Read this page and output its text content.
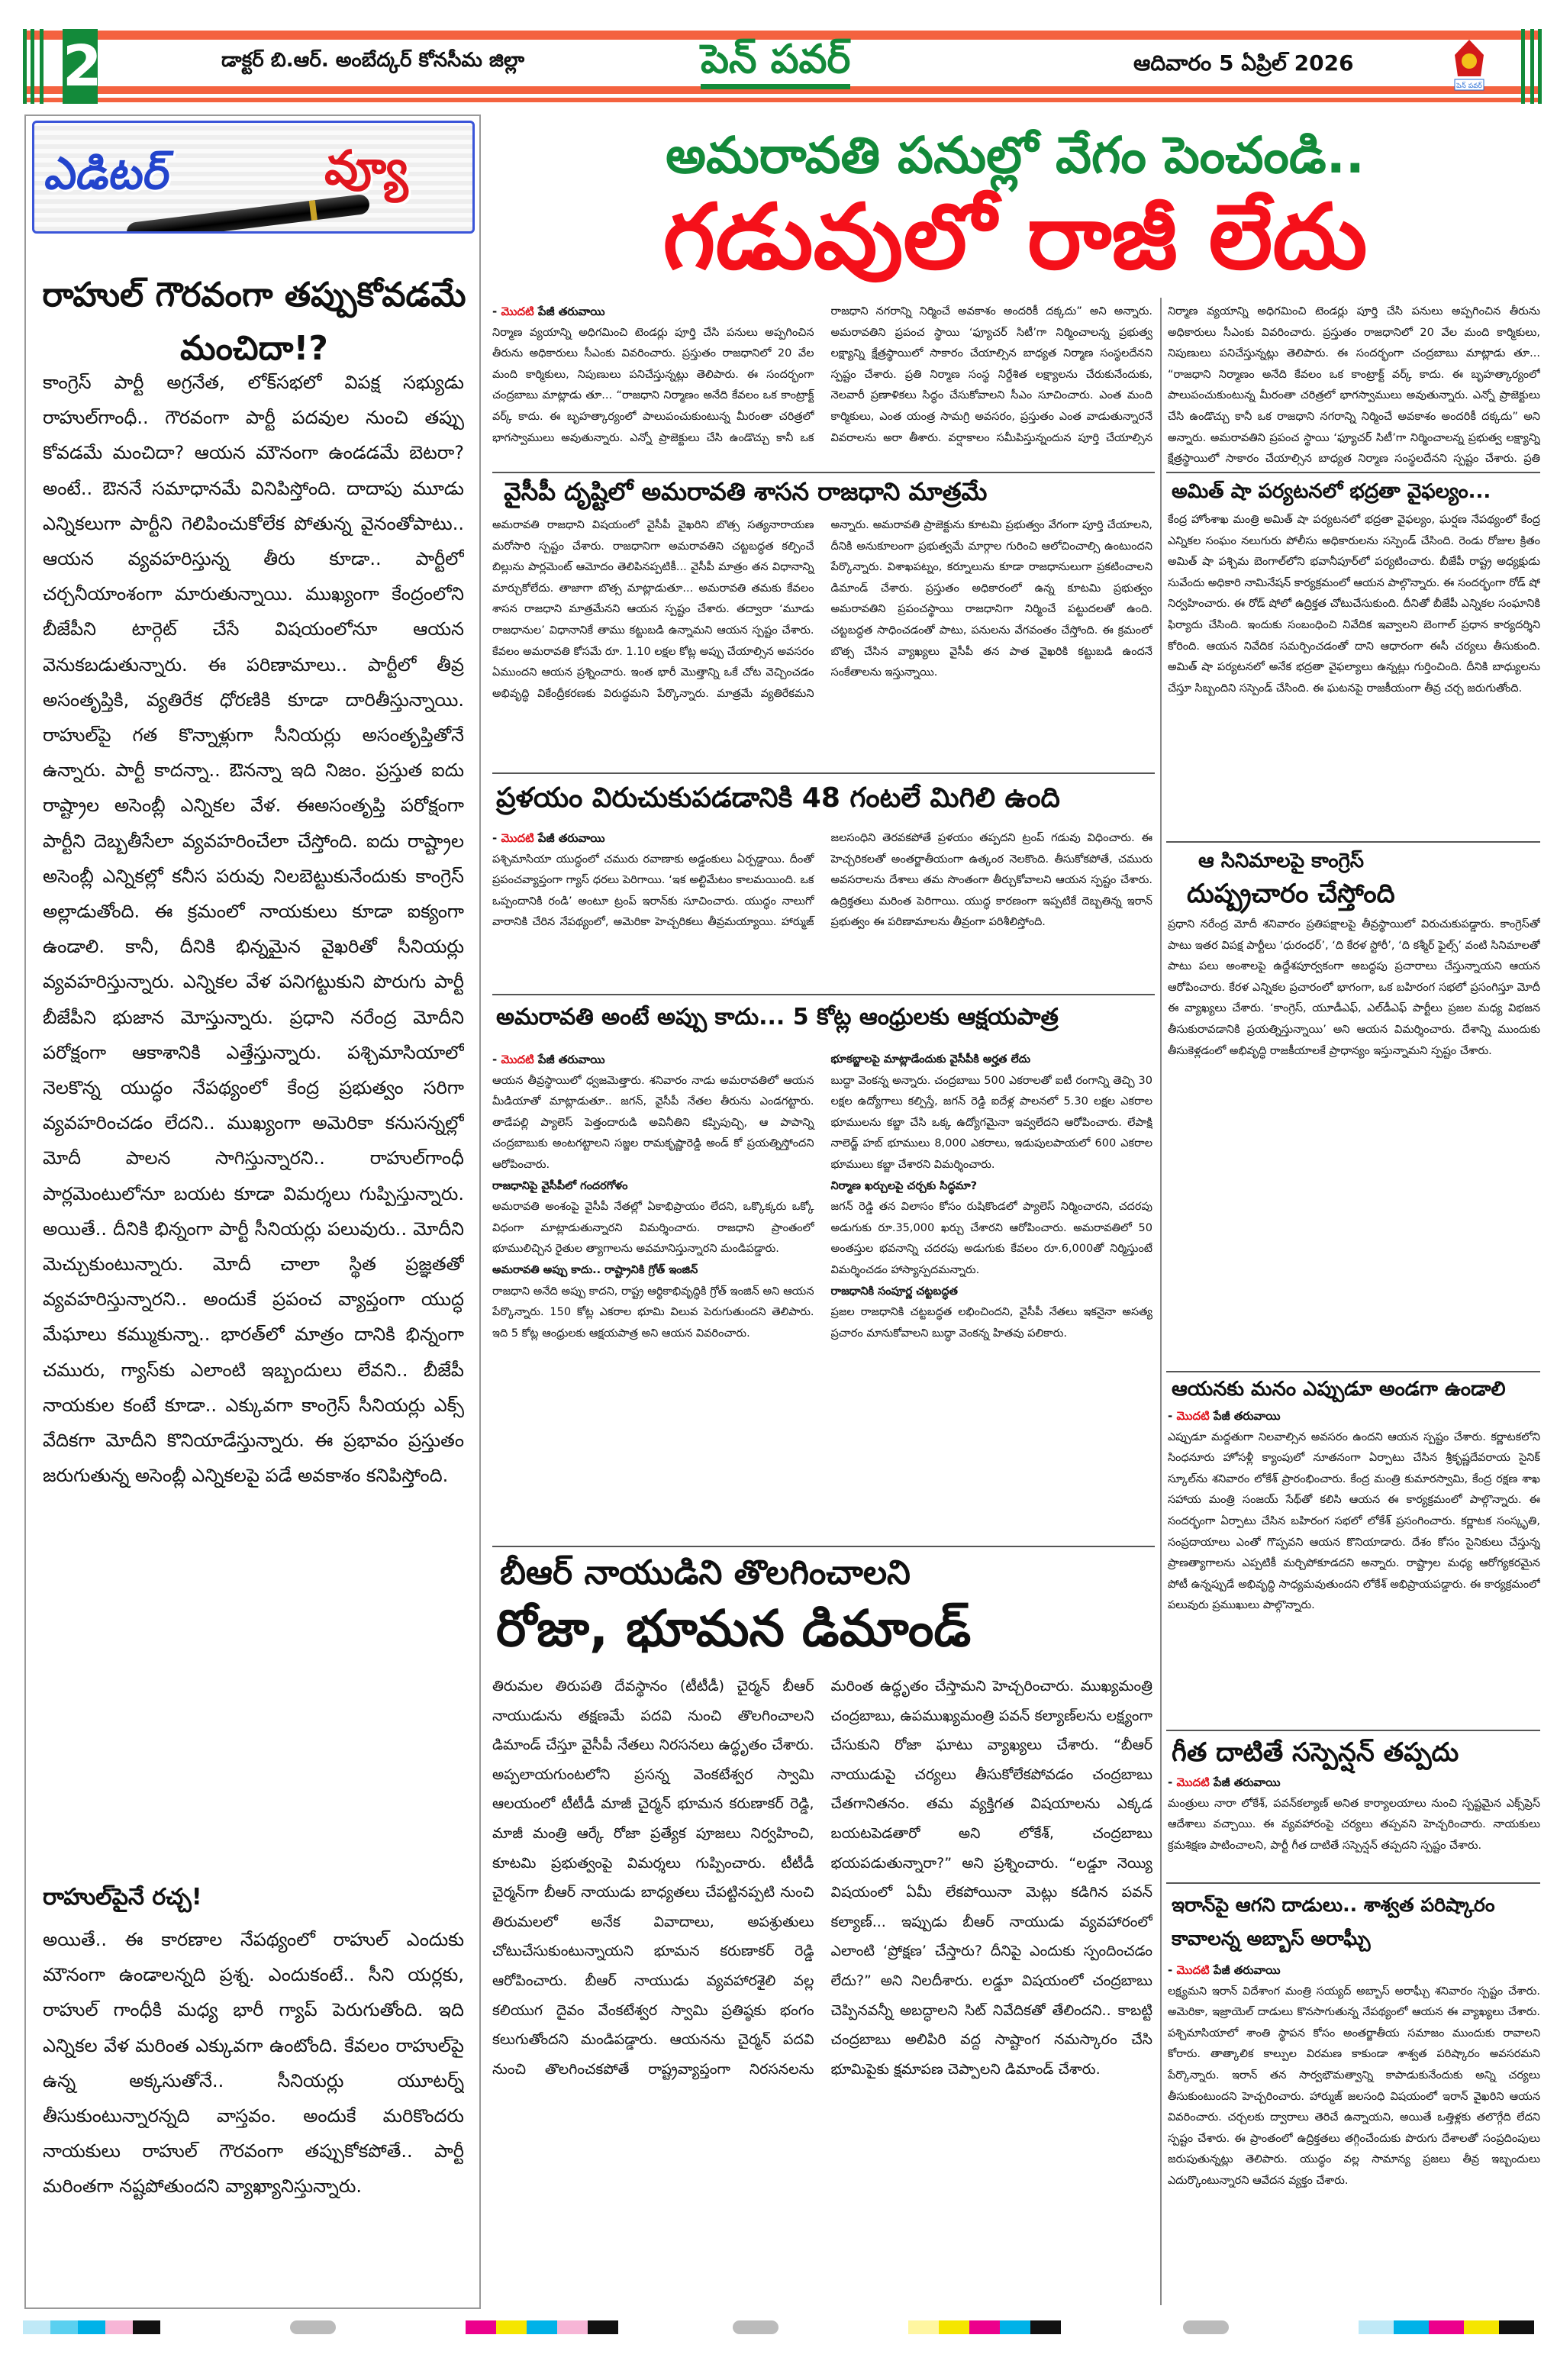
2	డాక్టర్ బి.ఆర్. అంబేద్కర్ కోనసీమ జిల్లా	పెన్ పవర్	ఆదివారం 5 ఏప్రిల్ 2026
పెన్ పవర్
ఎడిటర్	వ్యూ
రాహుల్ గౌరవంగా తప్పుకోవడమే మంచిదా!?
కాంగ్రెస్ పార్టీ అగ్రనేత, లోక్‌సభలో విపక్ష సభ్యుడు రాహుల్‌గాంధీ.. గౌరవంగా పార్టీ పదవుల నుంచి తప్పు కోవడమే మంచిదా? ఆయన మౌనంగా ఉండడమే బెటరా? అంటే.. ఔననే సమాధానమే వినిపిస్తోంది. దాదాపు మూడు ఎన్నికలుగా పార్టీని గెలిపించుకోలేక పోతున్న వైనంతోపాటు.. ఆయన వ్యవహరిస్తున్న తీరు కూడా.. పార్టీలో చర్చనీయాంశంగా మారుతున్నాయి. ముఖ్యంగా కేంద్రంలోని బీజేపీని టార్గెట్ చేసే విషయంలోనూ ఆయన వెనుకబడుతున్నారు. ఈ పరిణామాలు.. పార్టీలో తీవ్ర అసంతృప్తికి, వ్యతిరేక ధోరణికి కూడా దారితీస్తున్నాయి. రాహుల్‌పై గత కొన్నాళ్లుగా సీనియర్లు అసంతృప్తితోనే ఉన్నారు. పార్టీ కాదన్నా.. ఔనన్నా ఇది నిజం. ప్రస్తుత ఐదు రాష్ట్రాల అసెంబ్లీ ఎన్నికల వేళ. ఈఅసంతృప్తి పరోక్షంగా పార్టీని దెబ్బతీసేలా వ్యవహరించేలా చేస్తోంది. ఐదు రాష్ట్రాల అసెంబ్లీ ఎన్నికల్లో కనీస పరువు నిలబెట్టుకునేందుకు కాంగ్రెస్ అల్లాడుతోంది. ఈ క్రమంలో నాయకులు కూడా ఐక్యంగా ఉండాలి. కానీ, దీనికి భిన్నమైన వైఖరితో సీనియర్లు వ్యవహరిస్తున్నారు. ఎన్నికల వేళ పనిగట్టుకుని పొరుగు పార్టీ బీజేపీని భుజాన మోస్తున్నారు. ప్రధాని నరేంద్ర మోదీని పరోక్షంగా ఆకాశానికి ఎత్తేస్తున్నారు. పశ్చిమాసియాలో నెలకొన్న యుద్ధం నేపథ్యంలో కేంద్ర ప్రభుత్వం సరిగా వ్యవహరించడం లేదని.. ముఖ్యంగా అమెరికా కనుసన్నల్లో మోదీ పాలన సాగిస్తున్నారని.. రాహుల్‌గాంధీ పార్లమెంటులోనూ బయట కూడా విమర్శలు గుప్పిస్తున్నారు. అయితే.. దీనికి భిన్నంగా పార్టీ సీనియర్లు పలువురు.. మోదీని మెచ్చుకుంటున్నారు. మోదీ చాలా స్థిత ప్రజ్ఞతతో వ్యవహరిస్తున్నారని.. అందుకే ప్రపంచ వ్యాప్తంగా యుద్ధ మేఘాలు కమ్ముకున్నా.. భారత్‌లో మాత్రం దానికి భిన్నంగా చమురు, గ్యాస్‌కు ఎలాంటి ఇబ్బందులు లేవని.. బీజేపీ నాయకుల కంటే కూడా.. ఎక్కువగా కాంగ్రెస్ సీనియర్లు ఎక్స్ వేదికగా మోదీని కొనియాడేస్తున్నారు. ఈ ప్రభావం ప్రస్తుతం జరుగుతున్న అసెంబ్లీ ఎన్నికలపై పడే అవకాశం కనిపిస్తోంది.
రాహుల్‌పైనే రచ్చ!
అయితే.. ఈ కారణాల నేపథ్యంలో రాహుల్ ఎందుకు మౌనంగా ఉండాలన్నది ప్రశ్న. ఎందుకంటే.. సీని యర్లకు, రాహుల్ గాంధీకి మధ్య భారీ గ్యాప్ పెరుగుతోంది. ఇది ఎన్నికల వేళ మరింత ఎక్కువగా ఉంటోంది. కేవలం రాహుల్‌పై ఉన్న అక్కసుతోనే.. సీనియర్లు యూటర్న్ తీసుకుంటున్నారన్నది వాస్తవం. అందుకే మరికొందరు నాయకులు రాహుల్ గౌరవంగా తప్పుకోకపోతే.. పార్టీ మరింతగా నష్టపోతుందని వ్యాఖ్యానిస్తున్నారు.
అమరావతి పనుల్లో వేగం పెంచండి..
గడువులో రాజీ లేదు
- మొదటి పేజీ తరువాయి
నిర్మాణ వ్యయాన్ని అధిగమించి టెండర్లు పూర్తి చేసి పనులు అప్పగించిన తీరును అధికారులు సీఎంకు వివరించారు. ప్రస్తుతం రాజధానిలో 20 వేల మంది కార్మికులు, నిపుణులు పనిచేస్తున్నట్లు తెలిపారు. ఈ సందర్భంగా చంద్రబాబు మాట్లాడు తూ... “రాజధాని నిర్మాణం అనేది కేవలం ఒక కాంట్రాక్ట్ వర్క్ కాదు. ఈ బృహత్కార్యంలో పాలుపంచుకుంటున్న మీరంతా చరిత్రలో భాగస్వాములు అవుతున్నారు. ఎన్నో ప్రాజెక్టులు చేసి ఉండొచ్చు కానీ ఒక రాజధాని నగరాన్ని నిర్మించే అవకాశం అందరికీ దక్కదు” అని అన్నారు. అమరావతిని ప్రపంచ స్థాయి ‘ఫ్యూచర్ సిటీ’గా నిర్మించాలన్న ప్రభుత్వ లక్ష్యాన్ని క్షేత్రస్థాయిలో సాకారం చేయాల్సిన బాధ్యత నిర్మాణ సంస్థలదేనని స్పష్టం చేశారు. ప్రతి నిర్మాణ సంస్థ నిర్దేశిత లక్ష్యాలను చేరుకునేందుకు, నెలవారీ ప్రణాళికలు సిద్ధం చేసుకోవాలని సీఎం సూచించారు. ఎంత మంది కార్మికులు, ఎంత యంత్ర సామగ్రి అవసరం, ప్రస్తుతం ఎంత వాడుతున్నారనే వివరాలను అరా తీశారు. వర్షాకాలం సమీపిస్తున్నందున పూర్తి చేయాల్సిన
నిర్మాణ వ్యయాన్ని అధిగమించి టెండర్లు పూర్తి చేసి పనులు అప్పగించిన తీరును అధికారులు సీఎంకు వివరించారు. ప్రస్తుతం రాజధానిలో 20 వేల మంది కార్మికులు, నిపుణులు పనిచేస్తున్నట్లు తెలిపారు. ఈ సందర్భంగా చంద్రబాబు మాట్లాడు తూ... “రాజధాని నిర్మాణం అనేది కేవలం ఒక కాంట్రాక్ట్ వర్క్ కాదు. ఈ బృహత్కార్యంలో పాలుపంచుకుంటున్న మీరంతా చరిత్రలో భాగస్వాములు అవుతున్నారు. ఎన్నో ప్రాజెక్టులు చేసి ఉండొచ్చు కానీ ఒక రాజధాని నగరాన్ని నిర్మించే అవకాశం అందరికీ దక్కదు” అని అన్నారు. అమరావతిని ప్రపంచ స్థాయి ‘ఫ్యూచర్ సిటీ’గా నిర్మించాలన్న ప్రభుత్వ లక్ష్యాన్ని క్షేత్రస్థాయిలో సాకారం చేయాల్సిన బాధ్యత నిర్మాణ సంస్థలదేనని స్పష్టం చేశారు. ప్రతి
వైసీపీ దృష్టిలో అమరావతి శాసన రాజధాని మాత్రమే
అమరావతి రాజధాని విషయంలో వైసీపీ వైఖరిని బొత్స సత్యనారాయణ మరోసారి స్పష్టం చేశారు. రాజధానిగా అమరావతిని చట్టబద్ధత కల్పించే బిల్లును పార్లమెంట్ ఆమోదం తెలిపినప్పటికీ... వైసీపీ మాత్రం తన విధానాన్ని మార్చుకోలేదు. తాజాగా బొత్స మాట్లాడుతూ... అమరావతి తమకు కేవలం శాసన రాజధాని మాత్రమేనని ఆయన స్పష్టం చేశారు. తద్వారా ‘మూడు రాజధానుల’ విధానానికే తాము కట్టుబడి ఉన్నామని ఆయన స్పష్టం చేశారు. కేవలం అమరావతి కోసమే రూ. 1.10 లక్షల కోట్ల అప్పు చేయాల్సిన అవసరం ఏముందని ఆయన ప్రశ్నించారు. ఇంత భారీ మొత్తాన్ని ఒకే చోట వెచ్చించడం అభివృద్ధి వికేంద్రీకరణకు విరుద్ధమని పేర్కొన్నారు. మాత్రమే వ్యతిరేకమని అన్నారు. అమరావతి ప్రాజెక్టును కూటమి ప్రభుత్వం వేగంగా పూర్తి చేయాలని, దీనికి అనుకూలంగా ప్రభుత్వమే మార్గాల గురించి ఆలోచించాల్సి ఉంటుందని పేర్కొన్నారు. విశాఖపట్నం, కర్నూలును కూడా రాజధానులుగా ప్రకటించాలని డిమాండ్ చేశారు. ప్రస్తుతం అధికారంలో ఉన్న కూటమి ప్రభుత్వం అమరావతిని ప్రపంచస్థాయి రాజధానిగా నిర్మించే పట్టుదలతో ఉంది. చట్టబద్ధత సాధించడంతో పాటు, పనులను వేగవంతం చేస్తోంది. ఈ క్రమంలో బొత్స చేసిన వ్యాఖ్యలు వైసీపీ తన పాత వైఖరికి కట్టుబడి ఉందనే సంకేతాలను ఇస్తున్నాయి.
ప్రళయం విరుచుకుపడడానికి 48 గంటలే మిగిలి ఉంది
- మొదటి పేజీ తరువాయి
పశ్చిమాసియా యుద్ధంలో చమురు రవాణాకు అడ్డంకులు ఏర్పడ్డాయి. దీంతో ప్రపంచవ్యాప్తంగా గ్యాస్ ధరలు పెరిగాయి. ‘ఇక అల్టిమేటం కాలమయింది. ఒక ఒప్పందానికి రండి’ అంటూ ట్రంప్ ఇరాన్‌కు సూచించారు. యుద్ధం నాలుగో వారానికి చేరిన నేపథ్యంలో, అమెరికా హెచ్చరికలు తీవ్రమయ్యాయి. హార్ముజ్ జలసంధిని తెరవకపోతే ప్రళయం తప్పదని ట్రంప్ గడువు విధించారు. ఈ హెచ్చరికలతో అంతర్జాతీయంగా ఉత్కంఠ నెలకొంది. తీసుకోకపోతే, చమురు అవసరాలను దేశాలు తమ సొంతంగా తీర్చుకోవాలని ఆయన స్పష్టం చేశారు. ఉద్రిక్తతలు మరింత పెరిగాయి. యుద్ధ కారణంగా ఇప్పటికే దెబ్బతిన్న ఇరాన్ ప్రభుత్వం ఈ పరిణామాలను తీవ్రంగా పరిశీలిస్తోంది.
అమరావతి అంటే అప్పు కాదు... 5 కోట్ల ఆంధ్రులకు ఆక్షయపాత్ర
- మొదటి పేజీ తరువాయి
ఆయన తీవ్రస్థాయిలో ధ్వజమెత్తారు. శనివారం నాడు అమరావతిలో ఆయన మీడియాతో మాట్లాడుతూ.. జగన్, వైసీపీ నేతల తీరును ఎండగట్టారు. తాడేపల్లి ప్యాలెస్ పెత్తందారుడి అవినీతిని కప్పిపుచ్చి, ఆ పాపాన్ని చంద్రబాబుకు అంటగట్టాలని సజ్జల రామకృష్ణారెడ్డి అండ్ కో ప్రయత్నిస్తోందని ఆరోపించారు.
రాజధానిపై వైసీపీలో గందరగోళం
అమరావతి అంశంపై వైసీపీ నేతల్లో ఏకాభిప్రాయం లేదని, ఒక్కొక్కరు ఒక్కో విధంగా మాట్లాడుతున్నారని విమర్శించారు. రాజధాని ప్రాంతంలో భూములిచ్చిన రైతుల త్యాగాలను అవమానిస్తున్నారని మండిపడ్డారు.
అమరావతి అప్పు కాదు.. రాష్ట్రానికి గ్రోత్ ఇంజిన్
రాజధాని అనేది అప్పు కాదని, రాష్ట్ర ఆర్థికాభివృద్ధికి గ్రోత్ ఇంజిన్ అని ఆయన పేర్కొన్నారు. 150 కోట్ల ఎకరాల భూమి విలువ పెరుగుతుందని తెలిపారు. ఇది 5 కోట్ల ఆంధ్రులకు ఆక్షయపాత్ర అని ఆయన వివరించారు.
భూకబ్జాలపై మాట్లాడేందుకు వైసీపీకి అర్హత లేదు
బుద్ధా వెంకన్న అన్నారు. చంద్రబాబు 500 ఎకరాలతో ఐటీ రంగాన్ని తెచ్చి 30 లక్షల ఉద్యోగాలు కల్పిస్తే, జగన్ రెడ్డి ఐదేళ్ల పాలనలో 5.30 లక్షల ఎకరాల భూములను కబ్జా చేసి ఒక్క ఉద్యోగమైనా ఇవ్వలేదని ఆరోపించారు. లేపాక్షి నాలెడ్జ్ హబ్ భూములు 8,000 ఎకరాలు, ఇడుపులపాయలో 600 ఎకరాల భూములు కబ్జా చేశారని విమర్శించారు.
నిర్మాణ ఖర్చులపై చర్చకు సిద్ధమా?
జగన్ రెడ్డి తన విలాసం కోసం రుషికొండలో ప్యాలెస్ నిర్మించారని, చదరపు అడుగుకు రూ.35,000 ఖర్చు చేశారని ఆరోపించారు. అమరావతిలో 50 అంతస్తుల భవనాన్ని చదరపు అడుగుకు కేవలం రూ.6,000తో నిర్మిస్తుంటే విమర్శించడం హాస్యాస్పదమన్నారు.
రాజధానికి సంపూర్ణ చట్టబద్ధత
ప్రజల రాజధానికి చట్టబద్ధత లభించిందని, వైసీపీ నేతలు ఇకనైనా అసత్య ప్రచారం మానుకోవాలని బుద్ధా వెంకన్న హితవు పలికారు.
బీఆర్ నాయుడిని తొలగించాలని
రోజా, భూమన డిమాండ్
తిరుమల తిరుపతి దేవస్థానం (టీటీడీ) చైర్మన్ బీఆర్ నాయుడును తక్షణమే పదవి నుంచి తొలగించాలని డిమాండ్ చేస్తూ వైసీపీ నేతలు నిరసనలు ఉద్ధృతం చేశారు. అప్పలాయగుంటలోని ప్రసన్న వెంకటేశ్వర స్వామి ఆలయంలో టీటీడీ మాజీ చైర్మన్ భూమన కరుణాకర్ రెడ్డి, మాజీ మంత్రి ఆర్కే రోజా ప్రత్యేక పూజలు నిర్వహించి, కూటమి ప్రభుత్వంపై విమర్శలు గుప్పించారు. టీటీడీ చైర్మన్‌గా బీఆర్ నాయుడు బాధ్యతలు చేపట్టినప్పటి నుంచి తిరుమలలో అనేక వివాదాలు, అపశ్రుతులు చోటుచేసుకుంటున్నాయని భూమన కరుణాకర్ రెడ్డి ఆరోపించారు. బీఆర్ నాయుడు వ్యవహారశైలి వల్ల కలియుగ దైవం వేంకటేశ్వర స్వామి ప్రతిష్ఠకు భంగం కలుగుతోందని మండిపడ్డారు. ఆయనను చైర్మన్ పదవి నుంచి తొలగించకపోతే రాష్ట్రవ్యాప్తంగా నిరసనలను మరింత ఉద్ధృతం చేస్తామని హెచ్చరించారు. ముఖ్యమంత్రి చంద్రబాబు, ఉపముఖ్యమంత్రి పవన్ కల్యాణ్‌లను లక్ష్యంగా చేసుకుని రోజా ఘాటు వ్యాఖ్యలు చేశారు. “బీఆర్ నాయుడుపై చర్యలు తీసుకోలేకపోవడం చంద్రబాబు చేతగానితనం. తమ వ్యక్తిగత విషయాలను ఎక్కడ బయటపెడతారో అని లోకేశ్, చంద్రబాబు భయపడుతున్నారా?” అని ప్రశ్నించారు. “లడ్డూ నెయ్యి విషయంలో ఏమీ లేకపోయినా మెట్లు కడిగిన పవన్ కల్యాణ్... ఇప్పుడు బీఆర్ నాయుడు వ్యవహారంలో ఎలాంటి ‘ప్రోక్షణ’ చేస్తారు? దీనిపై ఎందుకు స్పందించడం లేదు?” అని నిలదీశారు. లడ్డూ విషయంలో చంద్రబాబు చెప్పినవన్నీ అబద్ధాలని సిట్ నివేదికతో తేలిందని.. కాబట్టి చంద్రబాబు అలిపిరి వద్ద సాష్టాంగ నమస్కారం చేసి భూమిపైకు క్షమాపణ చెప్పాలని డిమాండ్ చేశారు.
అమిత్ షా పర్యటనలో భద్రతా వైఫల్యం...
కేంద్ర హోంశాఖ మంత్రి అమిత్ షా పర్యటనలో భద్రతా వైఫల్యం, ఘర్షణ నేపథ్యంలో కేంద్ర ఎన్నికల సంఘం నలుగురు పోలీసు అధికారులను సస్పెండ్ చేసింది. రెండు రోజుల క్రితం అమిత్ షా పశ్చిమ బెంగాల్‌లోని భవానీపూర్‌లో పర్యటించారు. బీజేపీ రాష్ట్ర అధ్యక్షుడు సువేందు అధికారి నామినేషన్ కార్యక్రమంలో ఆయన పాల్గొన్నారు. ఈ సందర్భంగా రోడ్ షో నిర్వహించారు. ఈ రోడ్ షోలో ఉద్రిక్తత చోటుచేసుకుంది. దీనితో బీజేపీ ఎన్నికల సంఘానికి ఫిర్యాదు చేసింది. ఇందుకు సంబంధించి నివేదిక ఇవ్వాలని బెంగాల్ ప్రధాన కార్యదర్శిని కోరింది. ఆయన నివేదిక సమర్పించడంతో దాని ఆధారంగా ఈసీ చర్యలు తీసుకుంది. అమిత్ షా పర్యటనలో అనేక భద్రతా వైఫల్యాలు ఉన్నట్లు గుర్తించింది. దీనికి బాధ్యులను చేస్తూ సిబ్బందిని సస్పెండ్ చేసింది. ఈ ఘటనపై రాజకీయంగా తీవ్ర చర్చ జరుగుతోంది.
ఆ సినిమాలపై కాంగ్రెస్
దుష్ప్రచారం చేస్తోంది
ప్రధాని నరేంద్ర మోదీ శనివారం ప్రతిపక్షాలపై తీవ్రస్థాయిలో విరుచుకుపడ్డారు. కాంగ్రెస్‌తో పాటు ఇతర విపక్ష పార్టీలు ‘ధురంధర్’, ‘ది కేరళ స్టోరీ’, ‘ది కశ్మీర్ ఫైల్స్’ వంటి సినిమాలతో పాటు పలు అంశాలపై ఉద్దేశపూర్వకంగా అబద్ధపు ప్రచారాలు చేస్తున్నాయని ఆయన ఆరోపించారు. కేరళ ఎన్నికల ప్రచారంలో భాగంగా, ఒక బహిరంగ సభలో ప్రసంగిస్తూ మోదీ ఈ వ్యాఖ్యలు చేశారు. ‘కాంగ్రెస్, యూడీఎఫ్, ఎల్‌డీఎఫ్ పార్టీలు ప్రజల మధ్య విభజన తీసుకురావడానికి ప్రయత్నిస్తున్నాయి’ అని ఆయన విమర్శించారు. దేశాన్ని ముందుకు తీసుకెళ్లడంలో అభివృద్ధి రాజకీయాలకే ప్రాధాన్యం ఇస్తున్నామని స్పష్టం చేశారు.
ఆయనకు మనం ఎప్పుడూ అండగా ఉండాలి
- మొదటి పేజీ తరువాయి
ఎప్పుడూ మద్దతుగా నిలవాల్సిన అవసరం ఉందని ఆయన స్పష్టం చేశారు. కర్ణాటకలోని సింధనూరు హోసళ్లీ క్యాంపులో నూతనంగా ఏర్పాటు చేసిన శ్రీకృష్ణదేవరాయ సైనిక్ స్కూల్‌ను శనివారం లోకేశ్ ప్రారంభించారు. కేంద్ర మంత్రి కుమారస్వామి, కేంద్ర రక్షణ శాఖ సహాయ మంత్రి సంజయ్ సేథ్‌తో కలిసి ఆయన ఈ కార్యక్రమంలో పాల్గొన్నారు. ఈ సందర్భంగా ఏర్పాటు చేసిన బహిరంగ సభలో లోకేశ్ ప్రసంగించారు. కర్ణాటక సంస్కృతి, సంప్రదాయాలు ఎంతో గొప్పవని ఆయన కొనియాడారు. దేశం కోసం సైనికులు చేస్తున్న ప్రాణత్యాగాలను ఎప్పటికీ మర్చిపోకూడదని అన్నారు. రాష్ట్రాల మధ్య ఆరోగ్యకరమైన పోటీ ఉన్నప్పుడే అభివృద్ధి సాధ్యమవుతుందని లోకేశ్ అభిప్రాయపడ్డారు. ఈ కార్యక్రమంలో పలువురు ప్రముఖులు పాల్గొన్నారు.
గీత దాటితే సస్పెన్షన్ తప్పదు
- మొదటి పేజీ తరువాయి
మంత్రులు నారా లోకేశ్, పవన్‌కల్యాణ్ అనిత కార్యాలయాలు నుంచి స్పష్టమైన ఎక్స్‌ప్రెస్ ఆదేశాలు వచ్చాయి. ఈ వ్యవహారంపై చర్యలు తప్పవని హెచ్చరించారు. నాయకులు క్రమశిక్షణ పాటించాలని, పార్టీ గీత దాటితే సస్పెన్షన్ తప్పదని స్పష్టం చేశారు.
ఇరాన్‌పై ఆగని దాడులు.. శాశ్వత పరిష్కారం కావాలన్న అబ్బాస్ అరాఘ్చీ
- మొదటి పేజీ తరువాయి
లక్ష్యమని ఇరాన్ విదేశాంగ మంత్రి సయ్యద్ అబ్బాస్ అరాఘ్చీ శనివారం స్పష్టం చేశారు. అమెరికా, ఇజ్రాయెల్ దాడులు కొనసాగుతున్న నేపథ్యంలో ఆయన ఈ వ్యాఖ్యలు చేశారు. పశ్చిమాసియాలో శాంతి స్థాపన కోసం అంతర్జాతీయ సమాజం ముందుకు రావాలని కోరారు. తాత్కాలిక కాల్పుల విరమణ కాకుండా శాశ్వత పరిష్కారం అవసరమని పేర్కొన్నారు. ఇరాన్ తన సార్వభౌమత్వాన్ని కాపాడుకునేందుకు అన్ని చర్యలు తీసుకుంటుందని హెచ్చరించారు. హార్ముజ్ జలసంధి విషయంలో ఇరాన్ వైఖరిని ఆయన వివరించారు. చర్చలకు ద్వారాలు తెరిచే ఉన్నాయని, అయితే ఒత్తిళ్లకు తలొగ్గేది లేదని స్పష్టం చేశారు. ఈ ప్రాంతంలో ఉద్రిక్తతలు తగ్గించేందుకు పొరుగు దేశాలతో సంప్రదింపులు జరుపుతున్నట్లు తెలిపారు. యుద్ధం వల్ల సామాన్య ప్రజలు తీవ్ర ఇబ్బందులు ఎదుర్కొంటున్నారని ఆవేదన వ్యక్తం చేశారు.
